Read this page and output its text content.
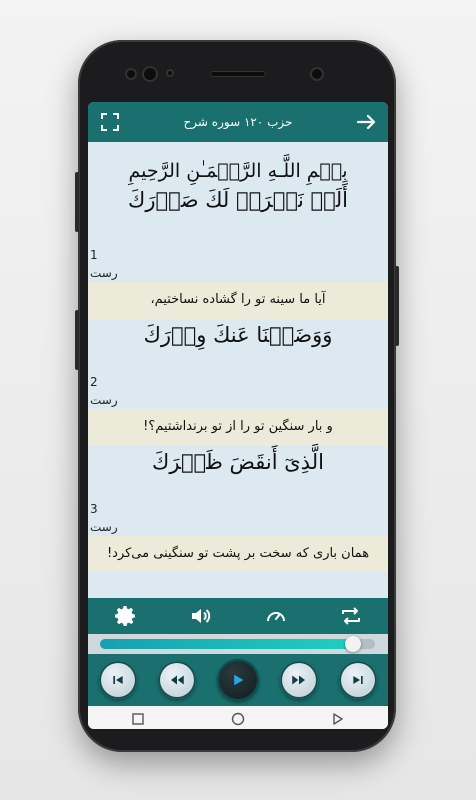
حزب ۱۲۰ سوره شرح
بِسۡمِ اللَّـهِ الرَّحۡمَـٰنِ الرَّحِيمِ
أَلَمۡ نَشۡرَحۡ لَكَ صَدۡرَكَ
1
رست
آیا ما سینه تو را گشاده نساختیم،
وَوَضَعۡنَا عَنكَ وِزۡرَكَ
2
رست
و بار سنگین تو را از تو برنداشتیم؟!
الَّذِیٓ أَنقَضَ ظَهۡرَكَ
3
رست
همان باری که سخت بر پشت تو سنگینی می‌کرد!
